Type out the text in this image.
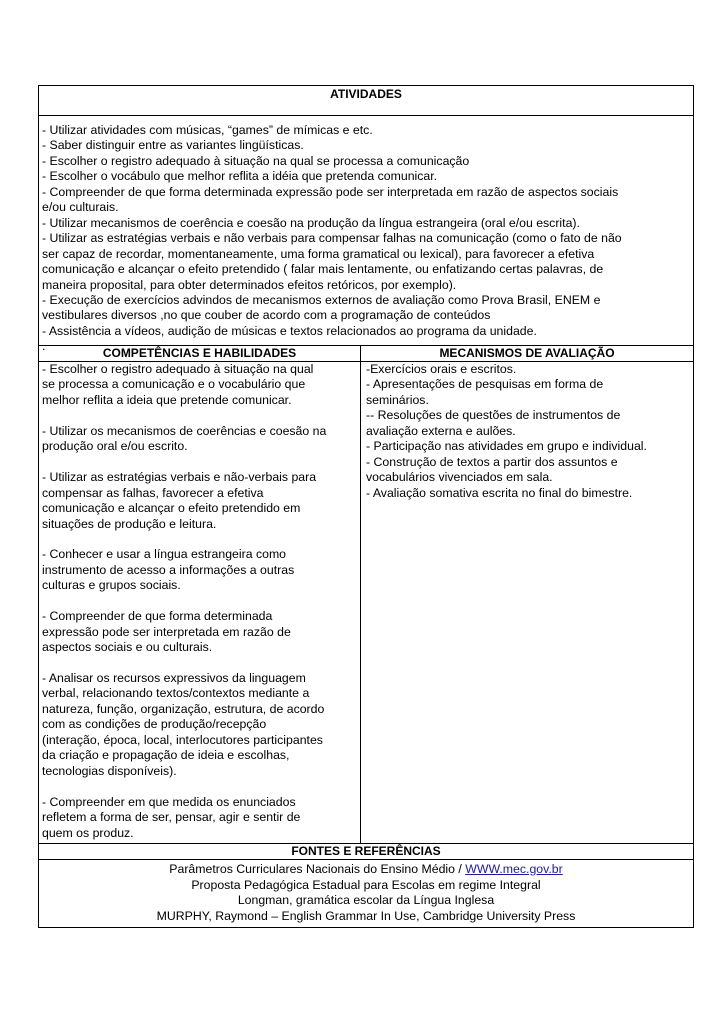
ATIVIDADES
- Utilizar atividades com músicas, “games” de mímicas e etc.
- Saber distinguir entre as variantes lingüísticas.
- Escolher o registro adequado à situação na qual se processa a comunicação
- Escolher o vocábulo que melhor reflita a idéia que pretenda comunicar.
- Compreender de que forma determinada expressão pode ser interpretada em razão de aspectos sociais
e/ou culturais.
- Utilizar mecanismos de coerência e coesão na produção da língua estrangeira (oral e/ou escrita).
- Utilizar as estratégias verbais e não verbais para compensar falhas na comunicação (como o fato de não
ser capaz de recordar, momentaneamente, uma forma gramatical ou lexical), para favorecer a efetiva
comunicação e alcançar o efeito pretendido ( falar mais lentamente, ou enfatizando certas palavras, de
maneira proposital, para obter determinados efeitos retóricos, por exemplo).
- Execução de exercícios advindos de mecanismos externos de avaliação como Prova Brasil, ENEM e
vestibulares diversos ,no que couber de acordo com a programação de conteúdos
- Assistência a vídeos, audição de músicas e textos relacionados ao programa da unidade.
.	COMPETÊNCIAS E HABILIDADES
- Escolher o registro adequado à situação na qual
se processa a comunicação e o vocabulário que
melhor reflita a ideia que pretende comunicar.
- Utilizar os mecanismos de coerências e coesão na
produção oral e/ou escrito.
- Utilizar as estratégias verbais e não-verbais para
compensar as falhas, favorecer a efetiva
comunicação e alcançar o efeito pretendido em
situações de produção e leitura.
- Conhecer e usar a língua estrangeira como
instrumento de acesso a informações a outras
culturas e grupos sociais.
- Compreender de que forma determinada
expressão pode ser interpretada em razão de
aspectos sociais e ou culturais.
- Analisar os recursos expressivos da linguagem
verbal, relacionando textos/contextos mediante a
natureza, função, organização, estrutura, de acordo
com as condições de produção/recepção
(interação, época, local, interlocutores participantes
da criação e propagação de ideia e escolhas,
tecnologias disponíveis).
- Compreender em que medida os enunciados
refletem a forma de ser, pensar, agir e sentir de
quem os produz.
MECANISMOS DE AVALIAÇÃO
-Exercícios orais e escritos.
- Apresentações de pesquisas em forma de
seminários.
-- Resoluções de questões de instrumentos de
avaliação externa e aulões.
- Participação nas atividades em grupo e individual.
- Construção de textos a partir dos assuntos e
vocabulários vivenciados em sala.
- Avaliação somativa escrita no final do bimestre.
FONTES E REFERÊNCIAS
Parâmetros Curriculares Nacionais do Ensino Médio / WWW.mec.gov.br
Proposta Pedagógica Estadual para Escolas em regime Integral
Longman, gramática escolar da Língua Inglesa
MURPHY, Raymond – English Grammar In Use, Cambridge University Press
